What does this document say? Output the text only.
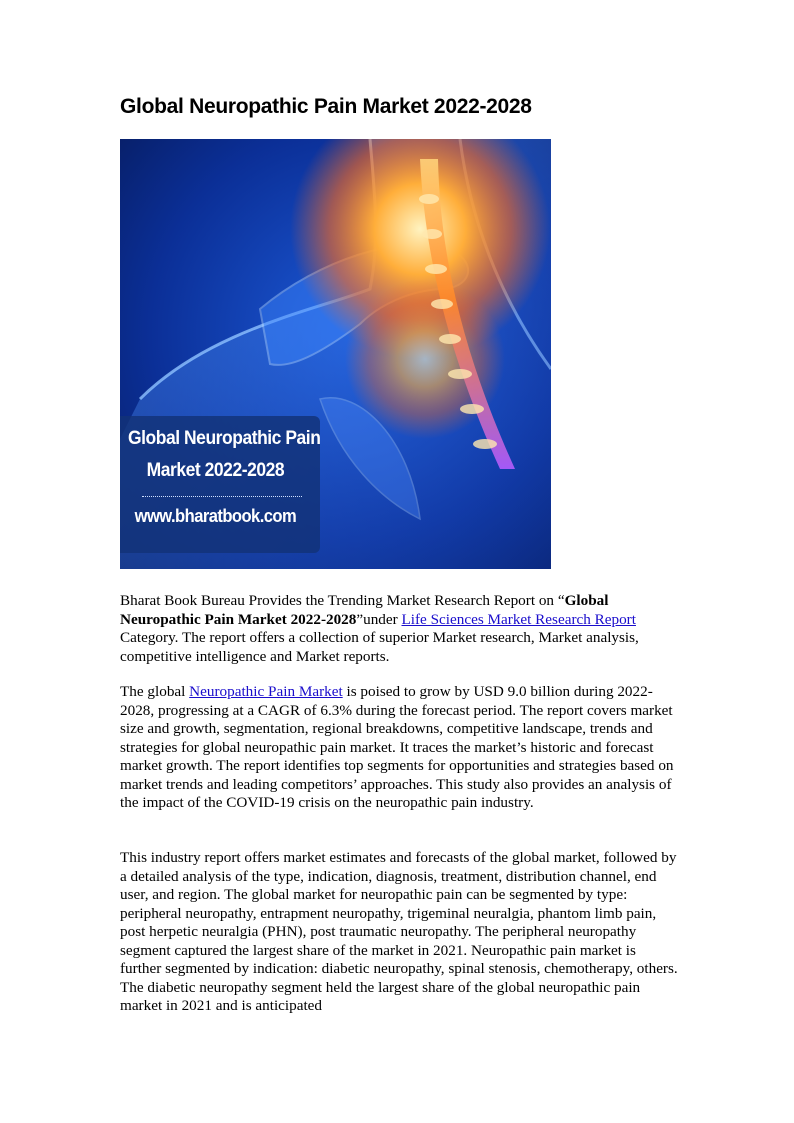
Global Neuropathic Pain Market 2022-2028
Global Neuropathic Pain
Market 2022-2028
www.bharatbook.com

Bharat Book Bureau Provides the Trending Market Research Report on “Global Neuropathic Pain Market 2022-2028”under Life Sciences Market Research Report Category. The report offers a collection of superior Market research, Market analysis, competitive intelligence and Market reports.

The global Neuropathic Pain Market is poised to grow by USD 9.0 billion during 2022-2028, progressing at a CAGR of 6.3% during the forecast period. The report covers market size and growth, segmentation, regional breakdowns, competitive landscape, trends and strategies for global neuropathic pain market. It traces the market’s historic and forecast market growth. The report identifies top segments for opportunities and strategies based on market trends and leading competitors’ approaches. This study also provides an analysis of the impact of the COVID-19 crisis on the neuropathic pain industry.

This industry report offers market estimates and forecasts of the global market, followed by a detailed analysis of the type, indication, diagnosis, treatment, distribution channel, end user, and region. The global market for neuropathic pain can be segmented by type: peripheral neuropathy, entrapment neuropathy, trigeminal neuralgia, phantom limb pain, post herpetic neuralgia (PHN), post traumatic neuropathy. The peripheral neuropathy segment captured the largest share of the market in 2021. Neuropathic pain market is further segmented by indication: diabetic neuropathy, spinal stenosis, chemotherapy, others. The diabetic neuropathy segment held the largest share of the global neuropathic pain market in 2021 and is anticipated
